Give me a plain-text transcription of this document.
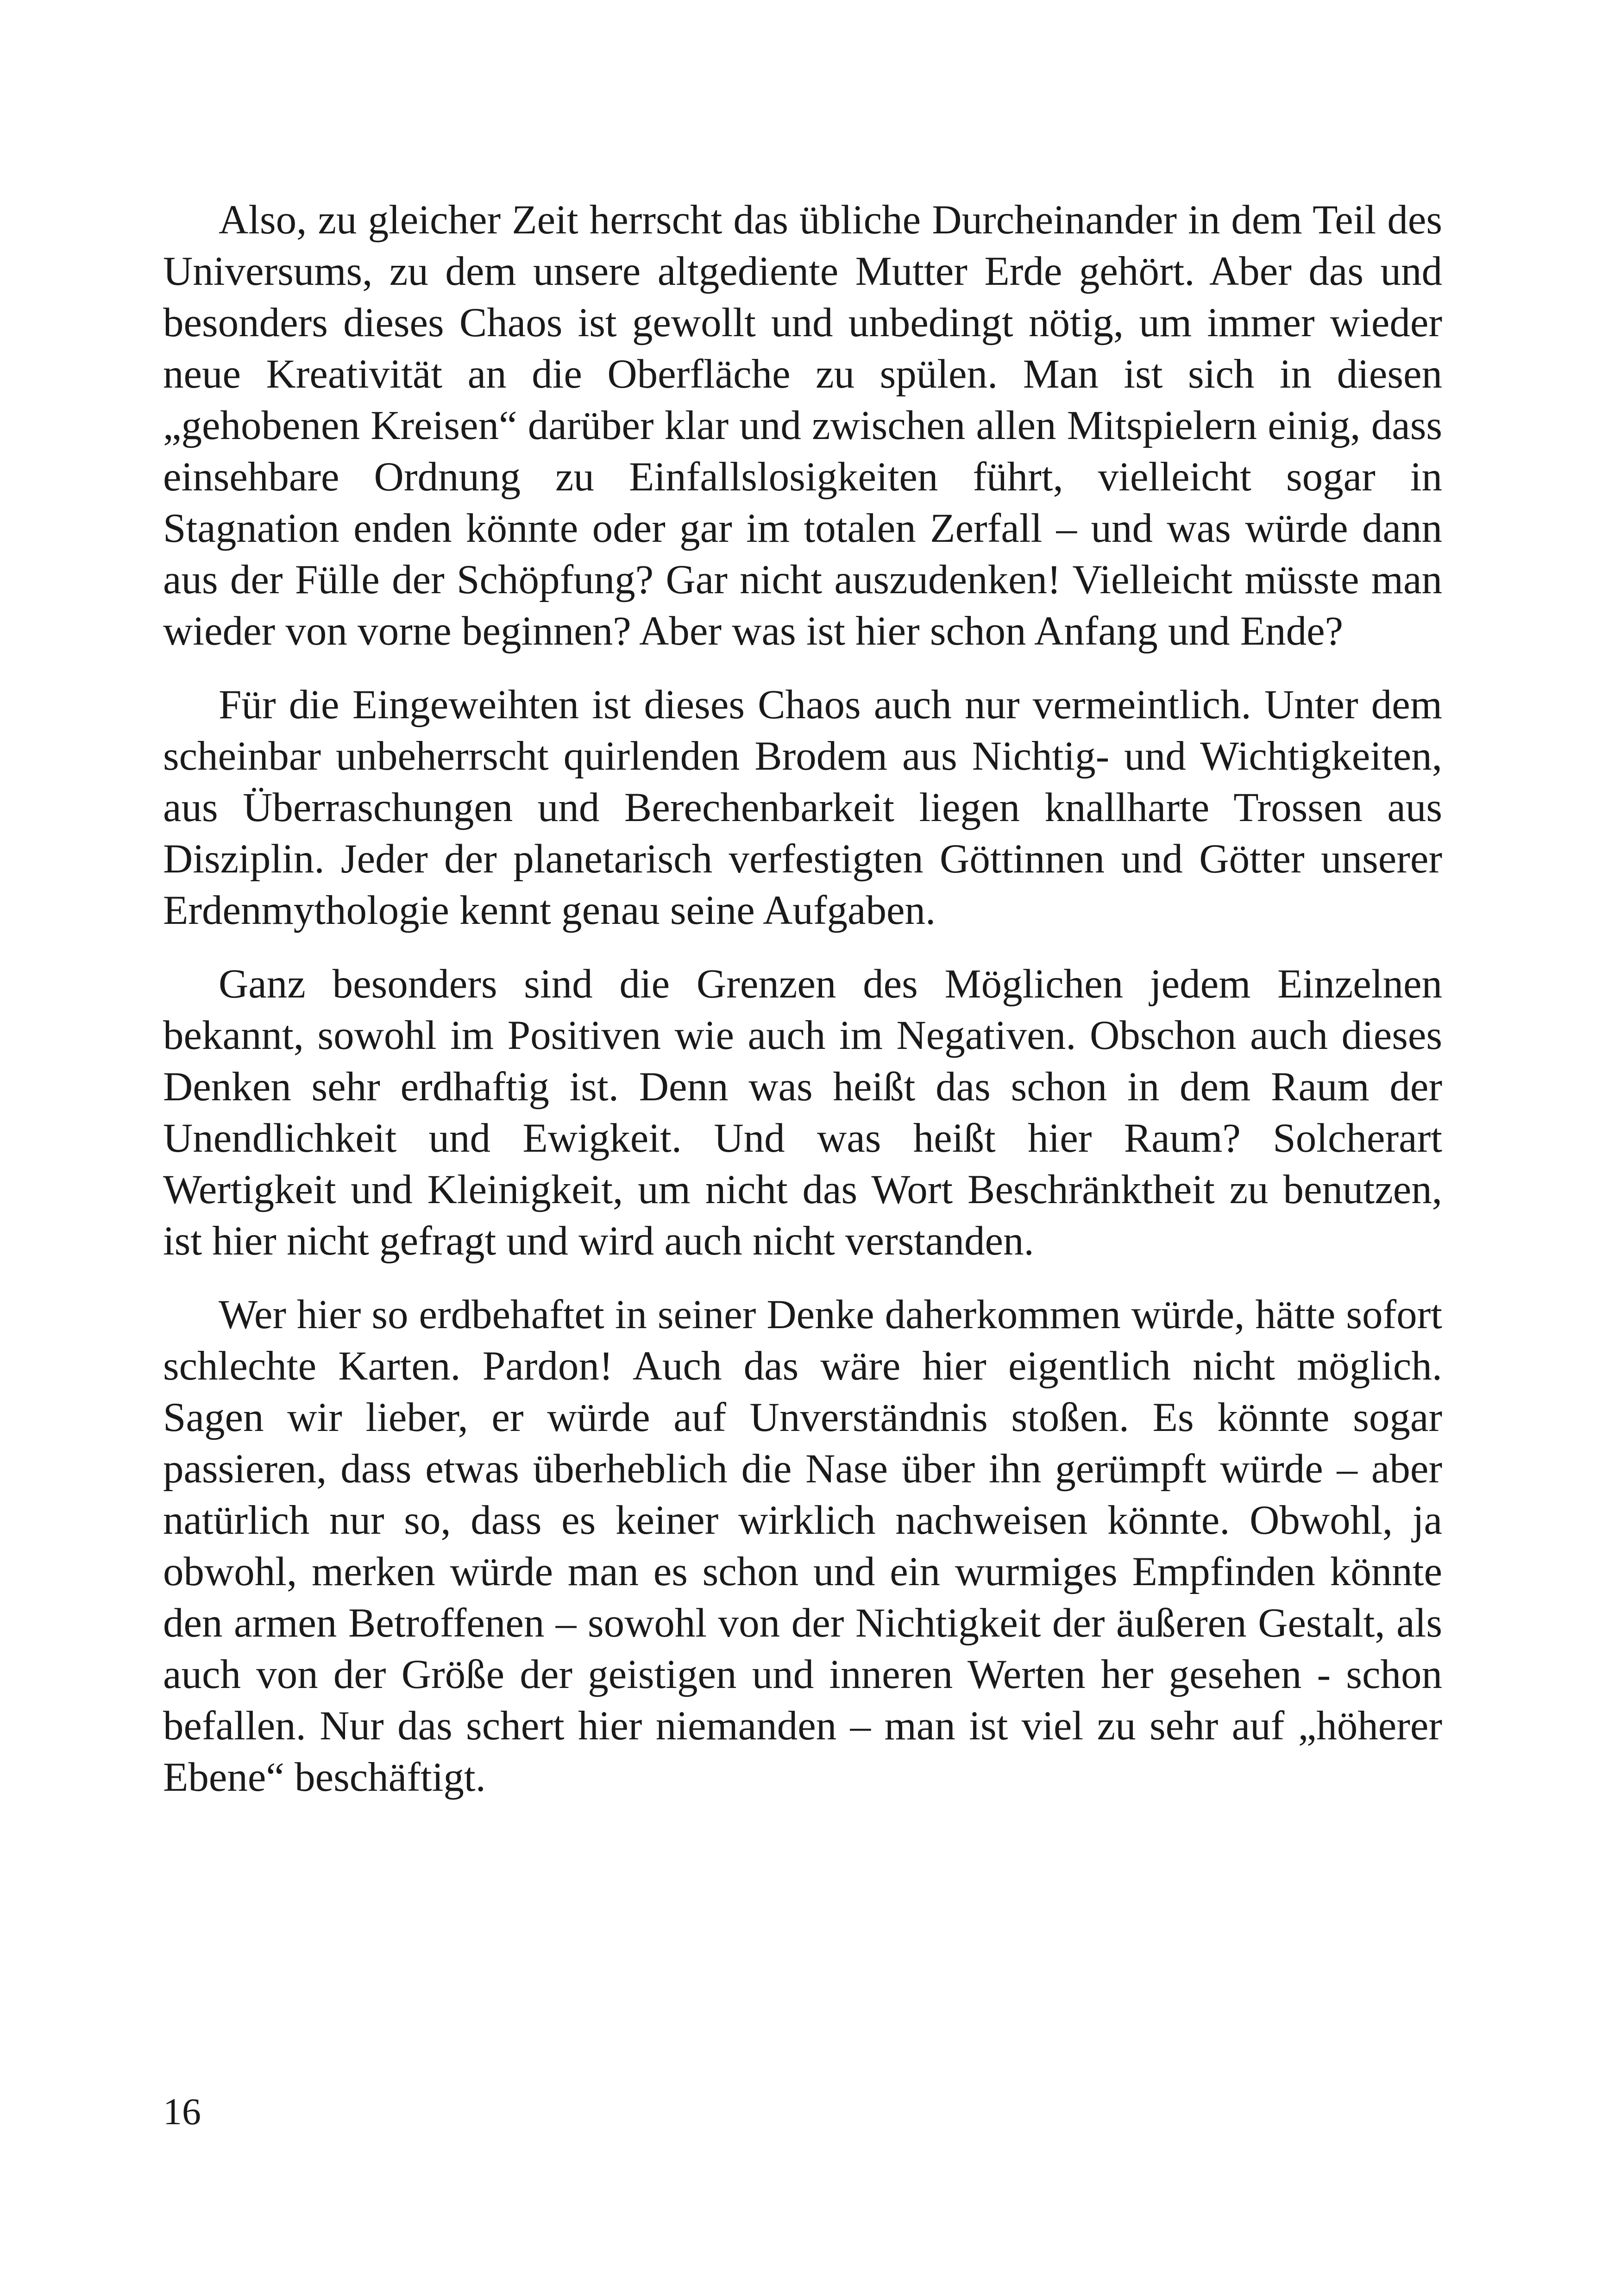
Also, zu gleicher Zeit herrscht das übliche Durcheinander in dem Teil des Universums, zu dem unsere altgediente Mutter Erde gehört. Aber das und besonders dieses Chaos ist gewollt und unbedingt nötig, um immer wieder neue Kreativität an die Oberfläche zu spülen. Man ist sich in diesen „gehobenen Kreisen“ darüber klar und zwischen allen Mitspielern einig, dass einsehbare Ordnung zu Einfallslosigkeiten führt, vielleicht sogar in Stagnation enden könnte oder gar im totalen Zerfall – und was würde dann aus der Fülle der Schöpfung? Gar nicht auszudenken! Vielleicht müsste man wieder von vorne beginnen? Aber was ist hier schon Anfang und Ende?

Für die Eingeweihten ist dieses Chaos auch nur vermeintlich. Unter dem scheinbar unbeherrscht quirlenden Brodem aus Nichtig- und Wichtigkeiten, aus Überraschungen und Berechenbarkeit liegen knallharte Trossen aus Disziplin. Jeder der planetarisch verfestigten Göttinnen und Götter unserer Erdenmythologie kennt genau seine Aufgaben.

Ganz besonders sind die Grenzen des Möglichen jedem Einzelnen bekannt, sowohl im Positiven wie auch im Negativen. Obschon auch dieses Denken sehr erdhaftig ist. Denn was heißt das schon in dem Raum der Unendlichkeit und Ewigkeit. Und was heißt hier Raum? Solcherart Wertigkeit und Kleinigkeit, um nicht das Wort Beschränktheit zu benutzen, ist hier nicht gefragt und wird auch nicht verstanden.

Wer hier so erdbehaftet in seiner Denke daherkommen würde, hätte sofort schlechte Karten. Pardon! Auch das wäre hier eigentlich nicht möglich. Sagen wir lieber, er würde auf Unverständnis stoßen. Es könnte sogar passieren, dass etwas überheblich die Nase über ihn gerümpft würde – aber natürlich nur so, dass es keiner wirklich nachweisen könnte. Obwohl, ja obwohl, merken würde man es schon und ein wurmiges Empfinden könnte den armen Betroffenen – sowohl von der Nichtigkeit der äußeren Gestalt, als auch von der Größe der geistigen und inneren Werten her gesehen - schon befallen. Nur das schert hier niemanden – man ist viel zu sehr auf „höherer Ebene“ beschäftigt.

16
